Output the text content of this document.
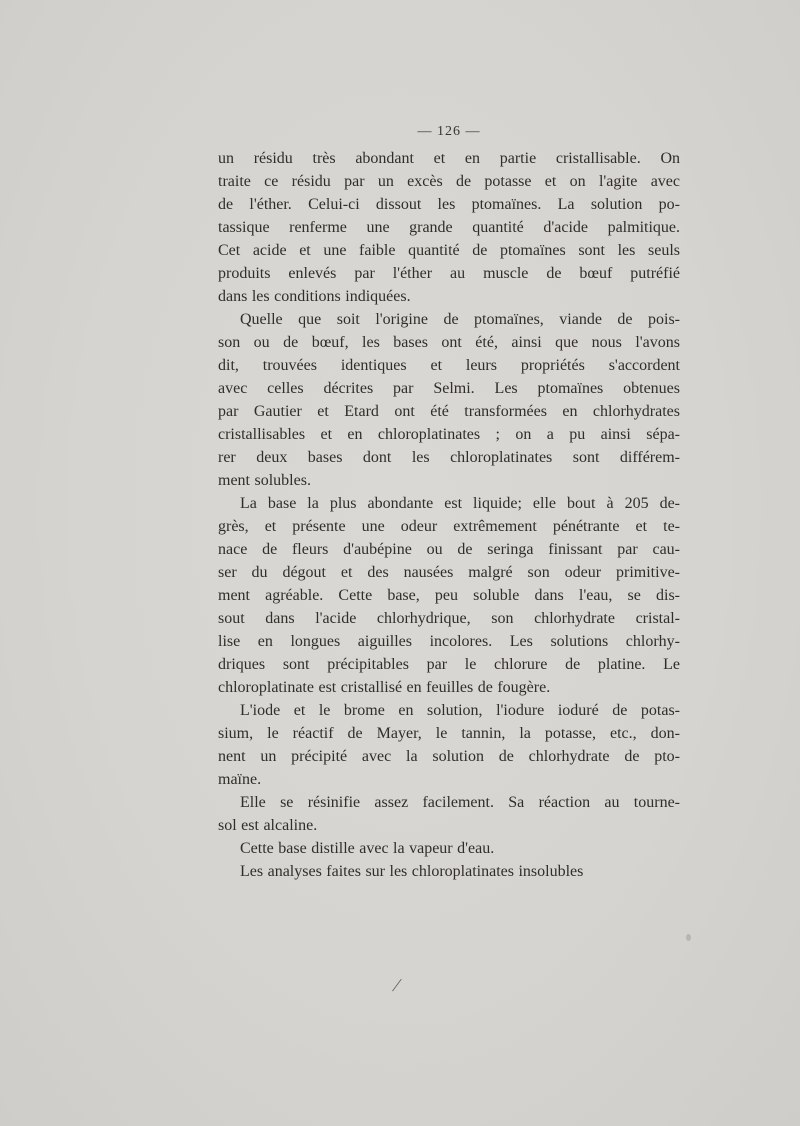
— 126 —
un résidu très abondant et en partie cristallisable. On
traite ce résidu par un excès de potasse et on l'agite avec
de l'éther. Celui-ci dissout les ptomaïnes. La solution po-
tassique renferme une grande quantité d'acide palmitique.
Cet acide et une faible quantité de ptomaïnes sont les seuls
produits enlevés par l'éther au muscle de bœuf putréfié
dans les conditions indiquées.
Quelle que soit l'origine de ptomaïnes, viande de pois-
son ou de bœuf, les bases ont été, ainsi que nous l'avons
dit, trouvées identiques et leurs propriétés s'accordent
avec celles décrites par Selmi. Les ptomaïnes obtenues
par Gautier et Etard ont été transformées en chlorhydrates
cristallisables et en chloroplatinates ; on a pu ainsi sépa-
rer deux bases dont les chloroplatinates sont différem-
ment solubles.
La base la plus abondante est liquide; elle bout à 205 de-
grès, et présente une odeur extrêmement pénétrante et te-
nace de fleurs d'aubépine ou de seringa finissant par cau-
ser du dégout et des nausées malgré son odeur primitive-
ment agréable. Cette base, peu soluble dans l'eau, se dis-
sout dans l'acide chlorhydrique, son chlorhydrate cristal-
lise en longues aiguilles incolores. Les solutions chlorhy-
driques sont précipitables par le chlorure de platine. Le
chloroplatinate est cristallisé en feuilles de fougère.
L'iode et le brome en solution, l'iodure ioduré de potas-
sium, le réactif de Mayer, le tannin, la potasse, etc., don-
nent un précipité avec la solution de chlorhydrate de pto-
maïne.
Elle se résinifie assez facilement. Sa réaction au tourne-
sol est alcaline.
Cette base distille avec la vapeur d'eau.
Les analyses faites sur les chloroplatinates insolubles
/
